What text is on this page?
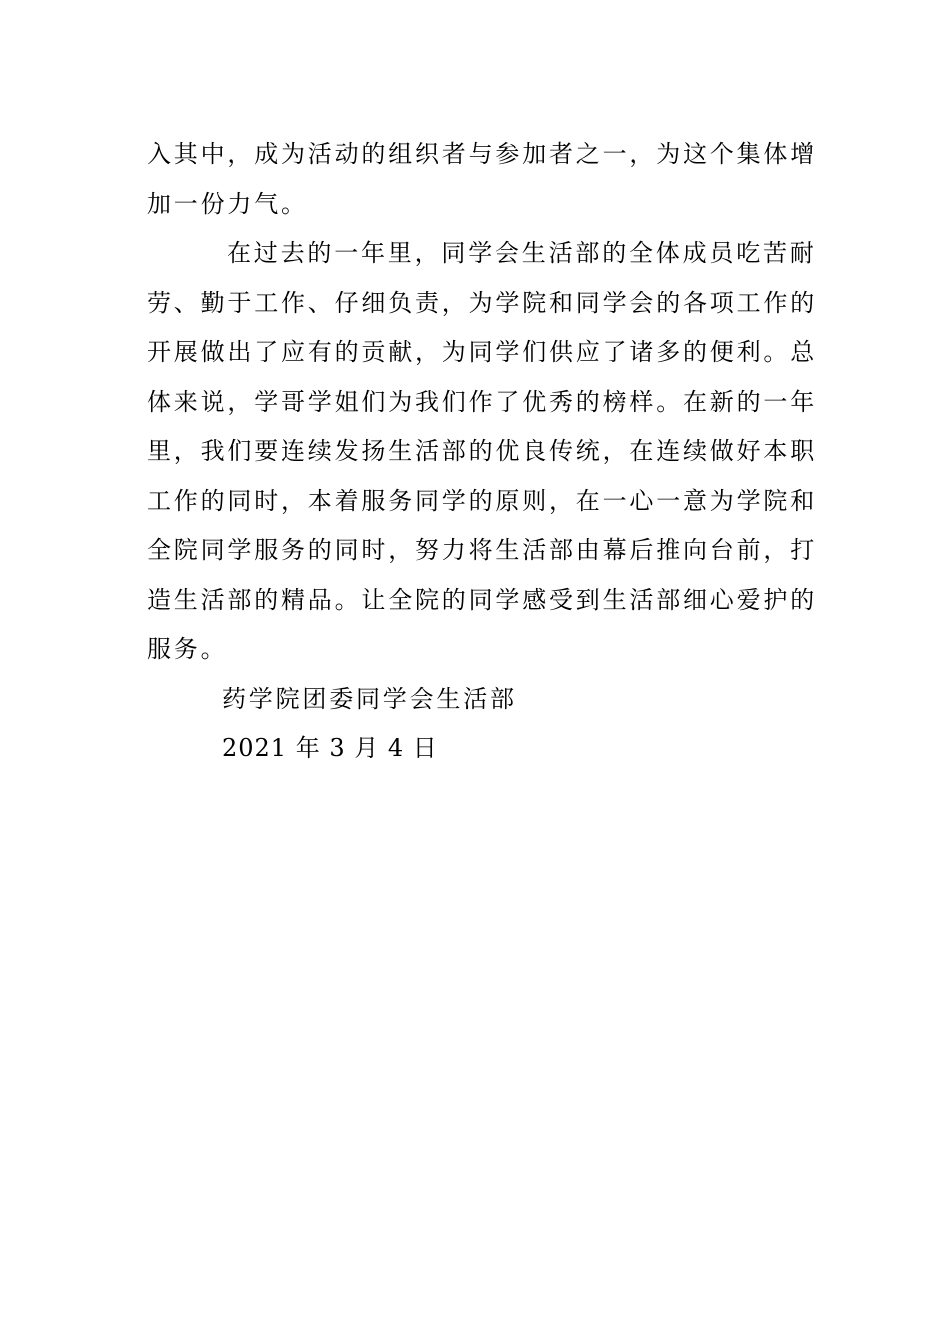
入其中，成为活动的组织者与参加者之一，为这个集体增
加一份力气。

在过去的一年里，同学会生活部的全体成员吃苦耐
劳、勤于工作、仔细负责，为学院和同学会的各项工作的
开展做出了应有的贡献，为同学们供应了诸多的便利。总
体来说，学哥学姐们为我们作了优秀的榜样。在新的一年
里，我们要连续发扬生活部的优良传统，在连续做好本职
工作的同时，本着服务同学的原则，在一心一意为学院和
全院同学服务的同时，努力将生活部由幕后推向台前，打
造生活部的精品。让全院的同学感受到生活部细心爱护的
服务。

药学院团委同学会生活部

2021 年 3 月 4 日
